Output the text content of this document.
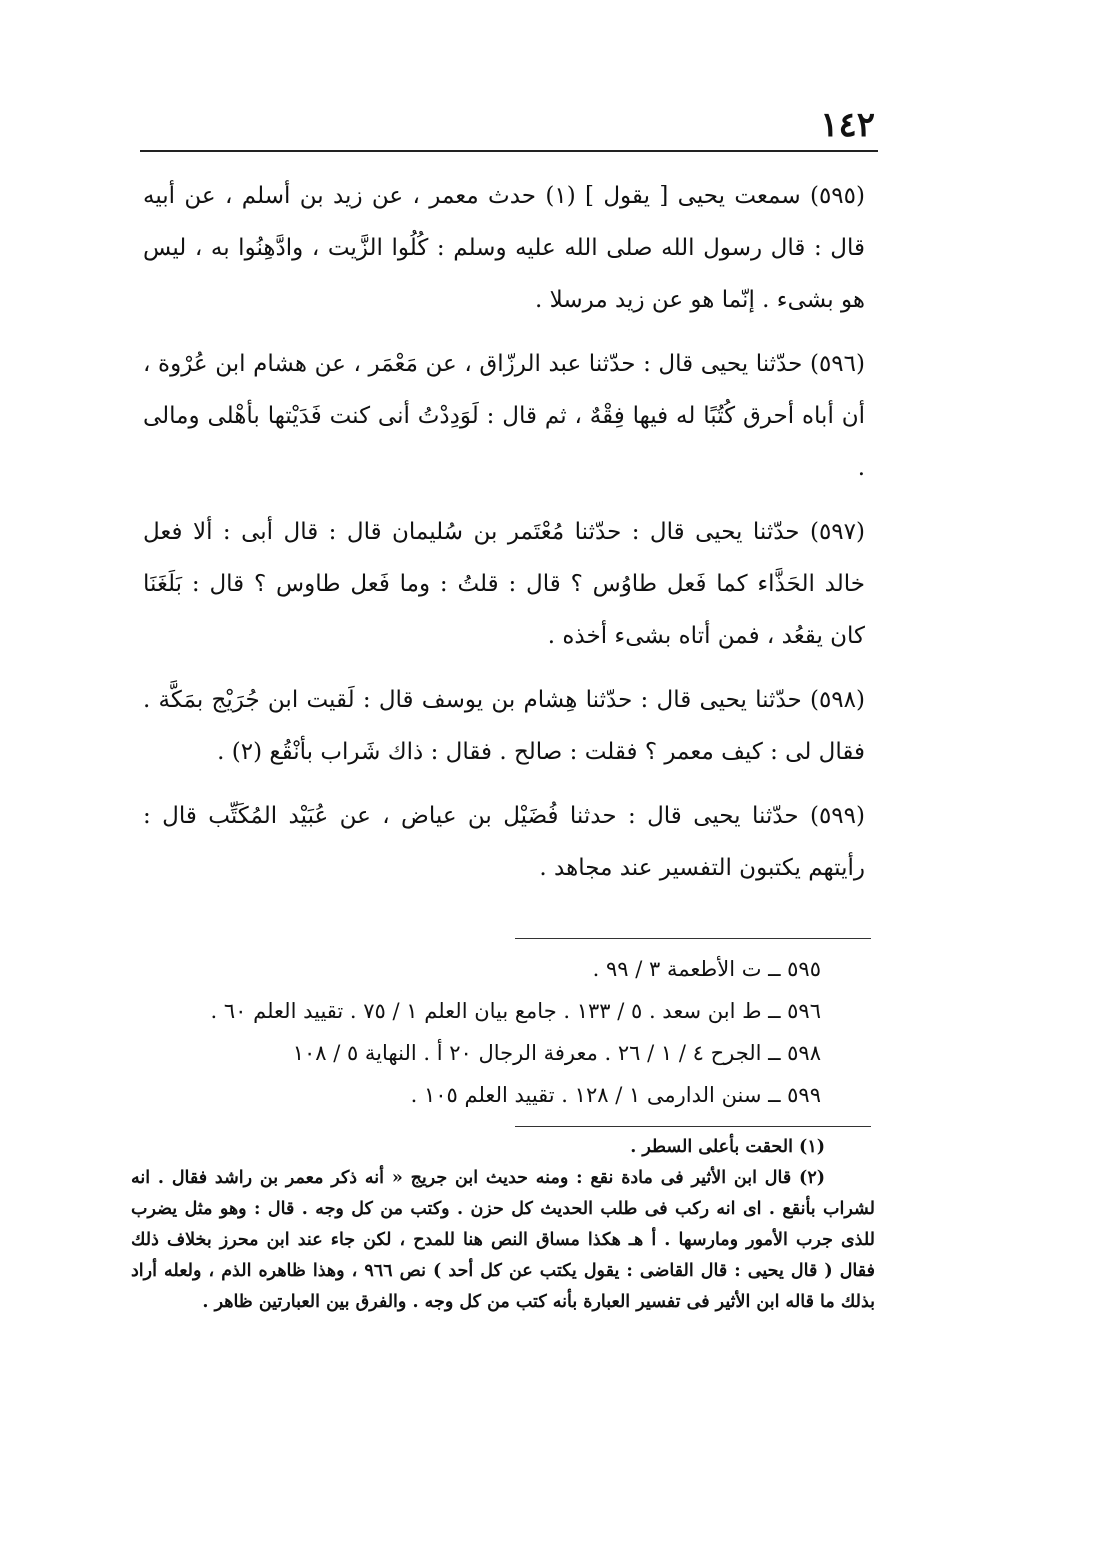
١٤٢

(٥٩٥) سمعت يحيى [ يقول ] (١) حدث معمر ، عن زيد بن أسلم ، عن أبيه قال : قال رسول الله صلى الله عليه وسلم : كُلُوا الزَّيت ، وادَّهِنُوا به ، ليس هو بشىء . إنّما هو عن زيد مرسلا .

(٥٩٦) حدّثنا يحيى قال : حدّثنا عبد الرزّاق ، عن مَعْمَر ، عن هشام ابن عُرْوة ، أن أباه أحرق كُتُبًا له فيها فِقْهٌ ، ثم قال : لَوَدِدْتُ أنى كنت فَدَيْتها بأهْلى ومالى .

(٥٩٧) حدّثنا يحيى قال : حدّثنا مُعْتَمر بن سُليمان قال : قال أبى : ألا فعل خالد الحَذَّاء كما فَعل طاوُس ؟ قال : قلتُ : وما فَعل طاوس ؟ قال : بَلَغَنَا كان يقعُد ، فمن أتاه بشىء أخذه .

(٥٩٨) حدّثنا يحيى قال : حدّثنا هِشام بن يوسف قال : لَقيت ابن جُرَيْج بمَكَّة . فقال لى : كيف معمر ؟ فقلت : صالح . فقال : ذاك شَراب بأنْقُع (٢) .

(٥٩٩) حدّثنا يحيى قال : حدثنا فُضَيْل بن عياض ، عن عُبَيْد المُكَتِّب قال : رأيتهم يكتبون التفسير عند مجاهد .

٥٩٥ ــ ت الأطعمة ٣ / ٩٩ .
٥٩٦ ــ ط ابن سعد . ٥ / ١٣٣ . جامع بيان العلم ١ / ٧٥ . تقييد العلم ٦٠ .
٥٩٨ ــ الجرح ٤ / ١ / ٢٦ . معرفة الرجال ٢٠ أ . النهاية ٥ / ١٠٨
٥٩٩ ــ سنن الدارمى ١ / ١٢٨ . تقييد العلم ١٠٥ .

(١) الحقت بأعلى السطر .

(٢) قال ابن الأثير فى مادة نقع : ومنه حديث ابن جريج « أنه ذكر معمر بن راشد فقال . انه لشراب بأنقع . اى انه ركب فى طلب الحديث كل حزن . وكتب من كل وجه . قال : وهو مثل يضرب للذى جرب الأمور ومارسها . أ هـ هكذا مساق النص هنا للمدح ، لكن جاء عند ابن محرز بخلاف ذلك فقال ( قال يحيى : قال القاضى : يقول يكتب عن كل أحد ) نص ٩٦٦ ، وهذا ظاهره الذم ، ولعله أراد بذلك ما قاله ابن الأثير فى تفسير العبارة بأنه كتب من كل وجه . والفرق بين العبارتين ظاهر .
